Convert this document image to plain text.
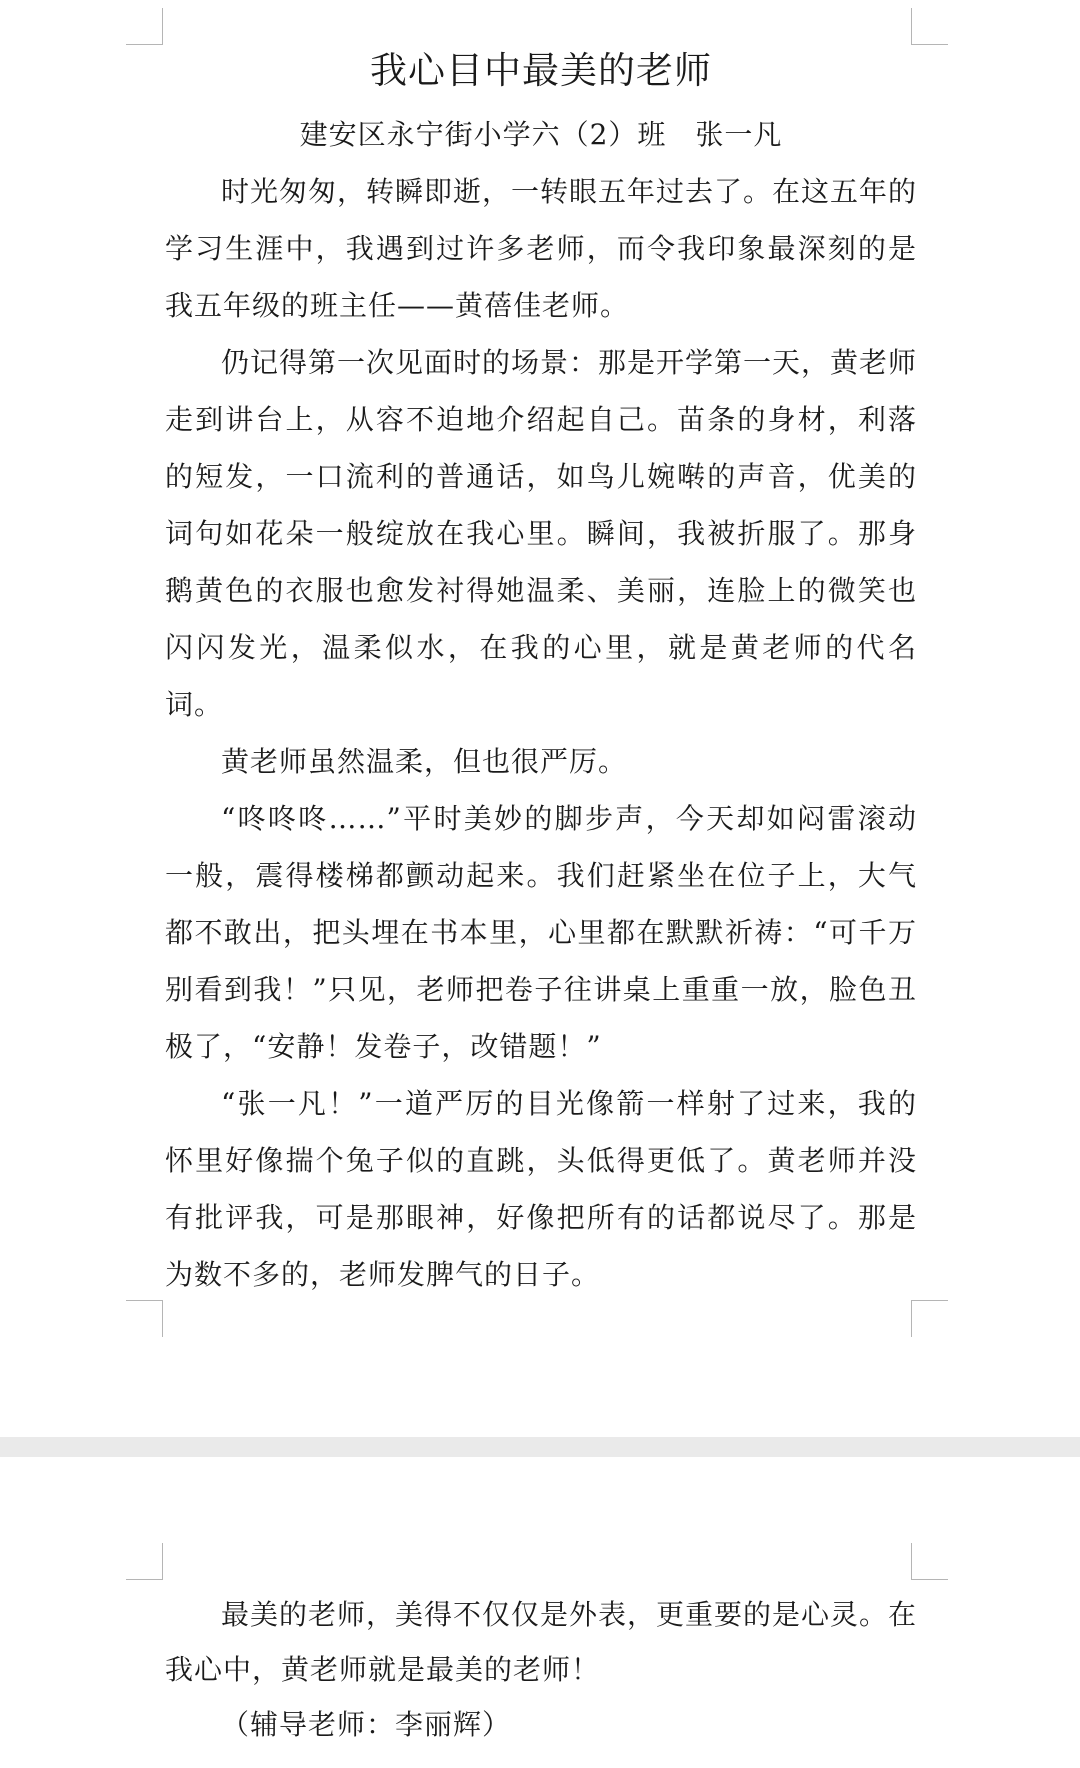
我心目中最美的老师

建安区永宁街小学六（2）班　张一凡

时光匆匆，转瞬即逝，一转眼五年过去了。在这五年的学习生涯中，我遇到过许多老师，而令我印象最深刻的是我五年级的班主任——黄蓓佳老师。

仍记得第一次见面时的场景：那是开学第一天，黄老师走到讲台上，从容不迫地介绍起自己。苗条的身材，利落的短发，一口流利的普通话，如鸟儿婉啭的声音，优美的词句如花朵一般绽放在我心里。瞬间，我被折服了。那身鹅黄色的衣服也愈发衬得她温柔、美丽，连脸上的微笑也闪闪发光，温柔似水，在我的心里，就是黄老师的代名词。

黄老师虽然温柔，但也很严厉。

“咚咚咚……”平时美妙的脚步声，今天却如闷雷滚动一般，震得楼梯都颤动起来。我们赶紧坐在位子上，大气都不敢出，把头埋在书本里，心里都在默默祈祷：“可千万别看到我！”只见，老师把卷子往讲桌上重重一放，脸色丑极了，“安静！发卷子，改错题！”

“张一凡！”一道严厉的目光像箭一样射了过来，我的怀里好像揣个兔子似的直跳，头低得更低了。黄老师并没有批评我，可是那眼神，好像把所有的话都说尽了。那是为数不多的，老师发脾气的日子。

最美的老师，美得不仅仅是外表，更重要的是心灵。在我心中，黄老师就是最美的老师！

（辅导老师：李丽辉）
